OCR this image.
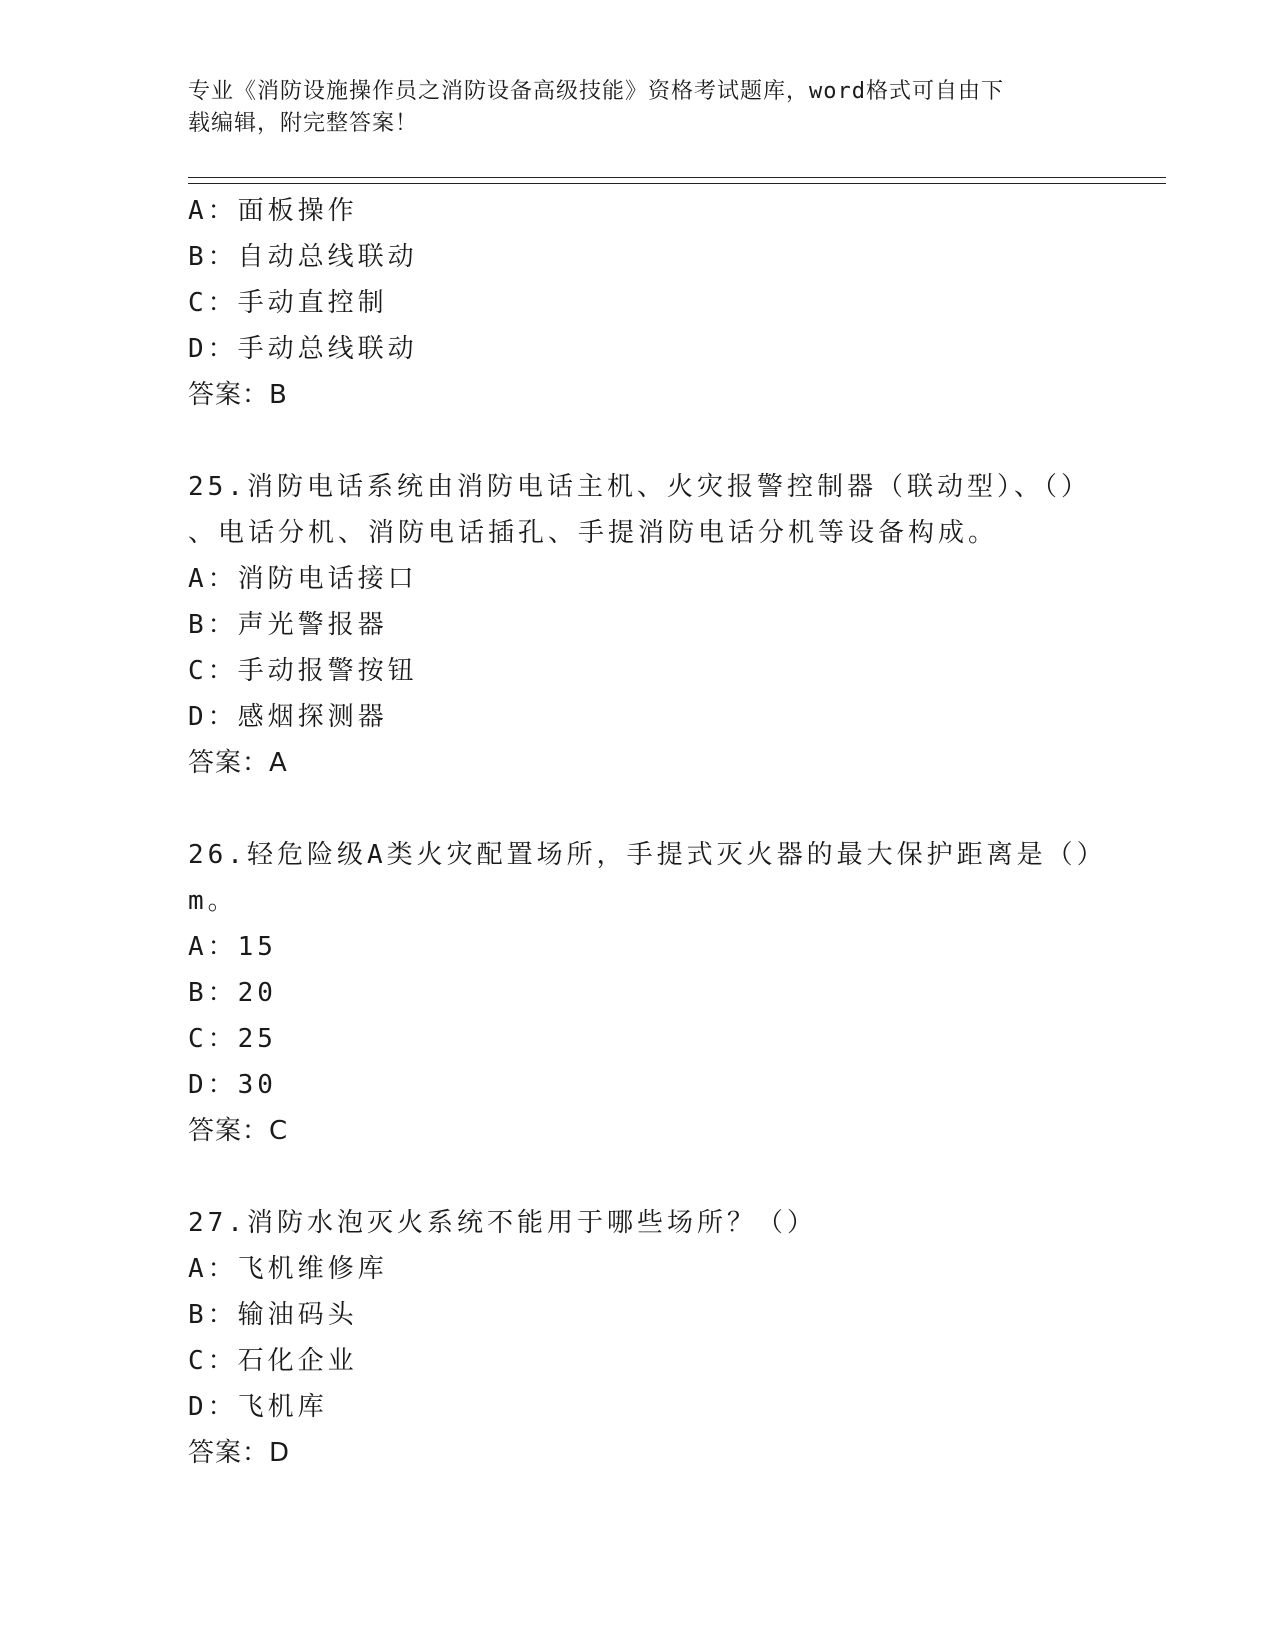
专业《消防设施操作员之消防设备高级技能》资格考试题库，word格式可自由下
载编辑，附完整答案！
A：面板操作
B：自动总线联动
C：手动直控制
D：手动总线联动
答案：B
25.消防电话系统由消防电话主机、火灾报警控制器（联动型）、（）
、电话分机、消防电话插孔、手提消防电话分机等设备构成。
A：消防电话接口
B：声光警报器
C：手动报警按钮
D：感烟探测器
答案：A
26.轻危险级A类火灾配置场所，手提式灭火器的最大保护距离是（）
m。
A：15
B：20
C：25
D：30
答案：C
27.消防水泡灭火系统不能用于哪些场所？（）
A：飞机维修库
B：输油码头
C：石化企业
D：飞机库
答案：D
